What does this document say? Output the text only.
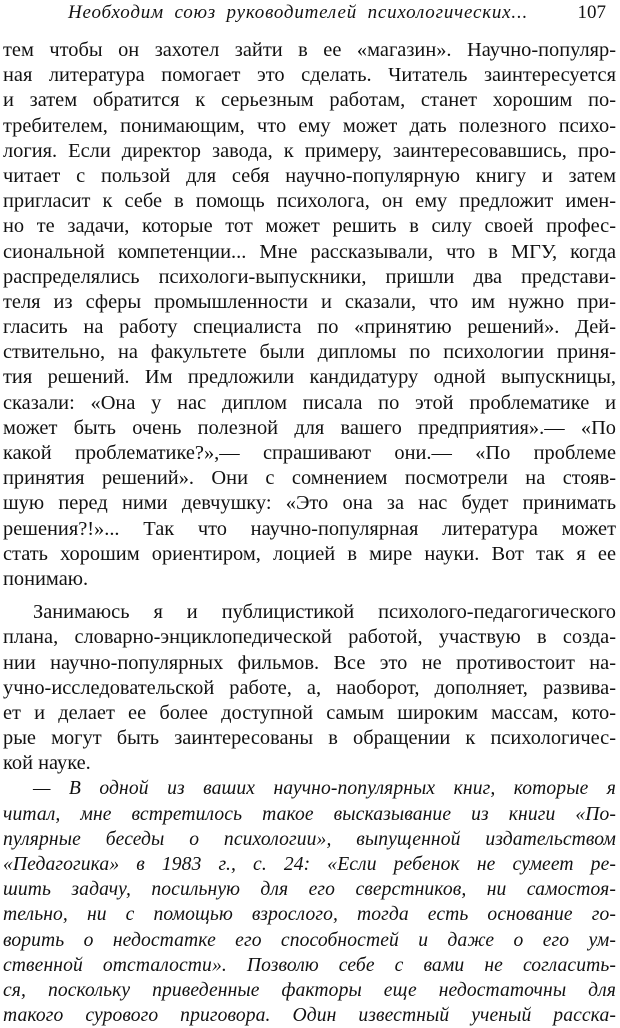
Необходим союз руководителей психологических...	107
тем чтобы он захотел зайти в ее «магазин». Научно-популяр-
ная литература помогает это сделать. Читатель заинтересуется
и затем обратится к серьезным работам, станет хорошим по-
требителем, понимающим, что ему может дать полезного психо-
логия. Если директор завода, к примеру, заинтересовавшись, про-
читает с пользой для себя научно-популярную книгу и затем
пригласит к себе в помощь психолога, он ему предложит имен-
но те задачи, которые тот может решить в силу своей профес-
сиональной компетенции... Мне рассказывали, что в МГУ, когда
распределялись психологи-выпускники, пришли два представи-
теля из сферы промышленности и сказали, что им нужно при-
гласить на работу специалиста по «принятию решений». Дей-
ствительно, на факультете были дипломы по психологии приня-
тия решений. Им предложили кандидатуру одной выпускницы,
сказали: «Она у нас диплом писала по этой проблематике и
может быть очень полезной для вашего предприятия».— «По
какой проблематике?»,— спрашивают они.— «По проблеме
принятия решений». Они с сомнением посмотрели на стояв-
шую перед ними девчушку: «Это она за нас будет принимать
решения?!»... Так что научно-популярная литература может
стать хорошим ориентиром, лоцией в мире науки. Вот так я ее
понимаю.
Занимаюсь я и публицистикой психолого-педагогического
плана, словарно-энциклопедической работой, участвую в созда-
нии научно-популярных фильмов. Все это не противостоит на-
учно-исследовательской работе, а, наоборот, дополняет, развива-
ет и делает ее более доступной самым широким массам, кото-
рые могут быть заинтересованы в обращении к психологичес-
кой науке.
— В одной из ваших научно-популярных книг, которые я
читал, мне встретилось такое высказывание из книги «По-
пулярные беседы о психологии», выпущенной издательством
«Педагогика» в 1983 г., с. 24: «Если ребенок не сумеет ре-
шить задачу, посильную для его сверстников, ни самостоя-
тельно, ни с помощью взрослого, тогда есть основание го-
ворить о недостатке его способностей и даже о его ум-
ственной отсталости». Позволю себе с вами не согласить-
ся, поскольку приведенные факторы еще недостаточны для
такого сурового приговора. Один известный ученый расска-
